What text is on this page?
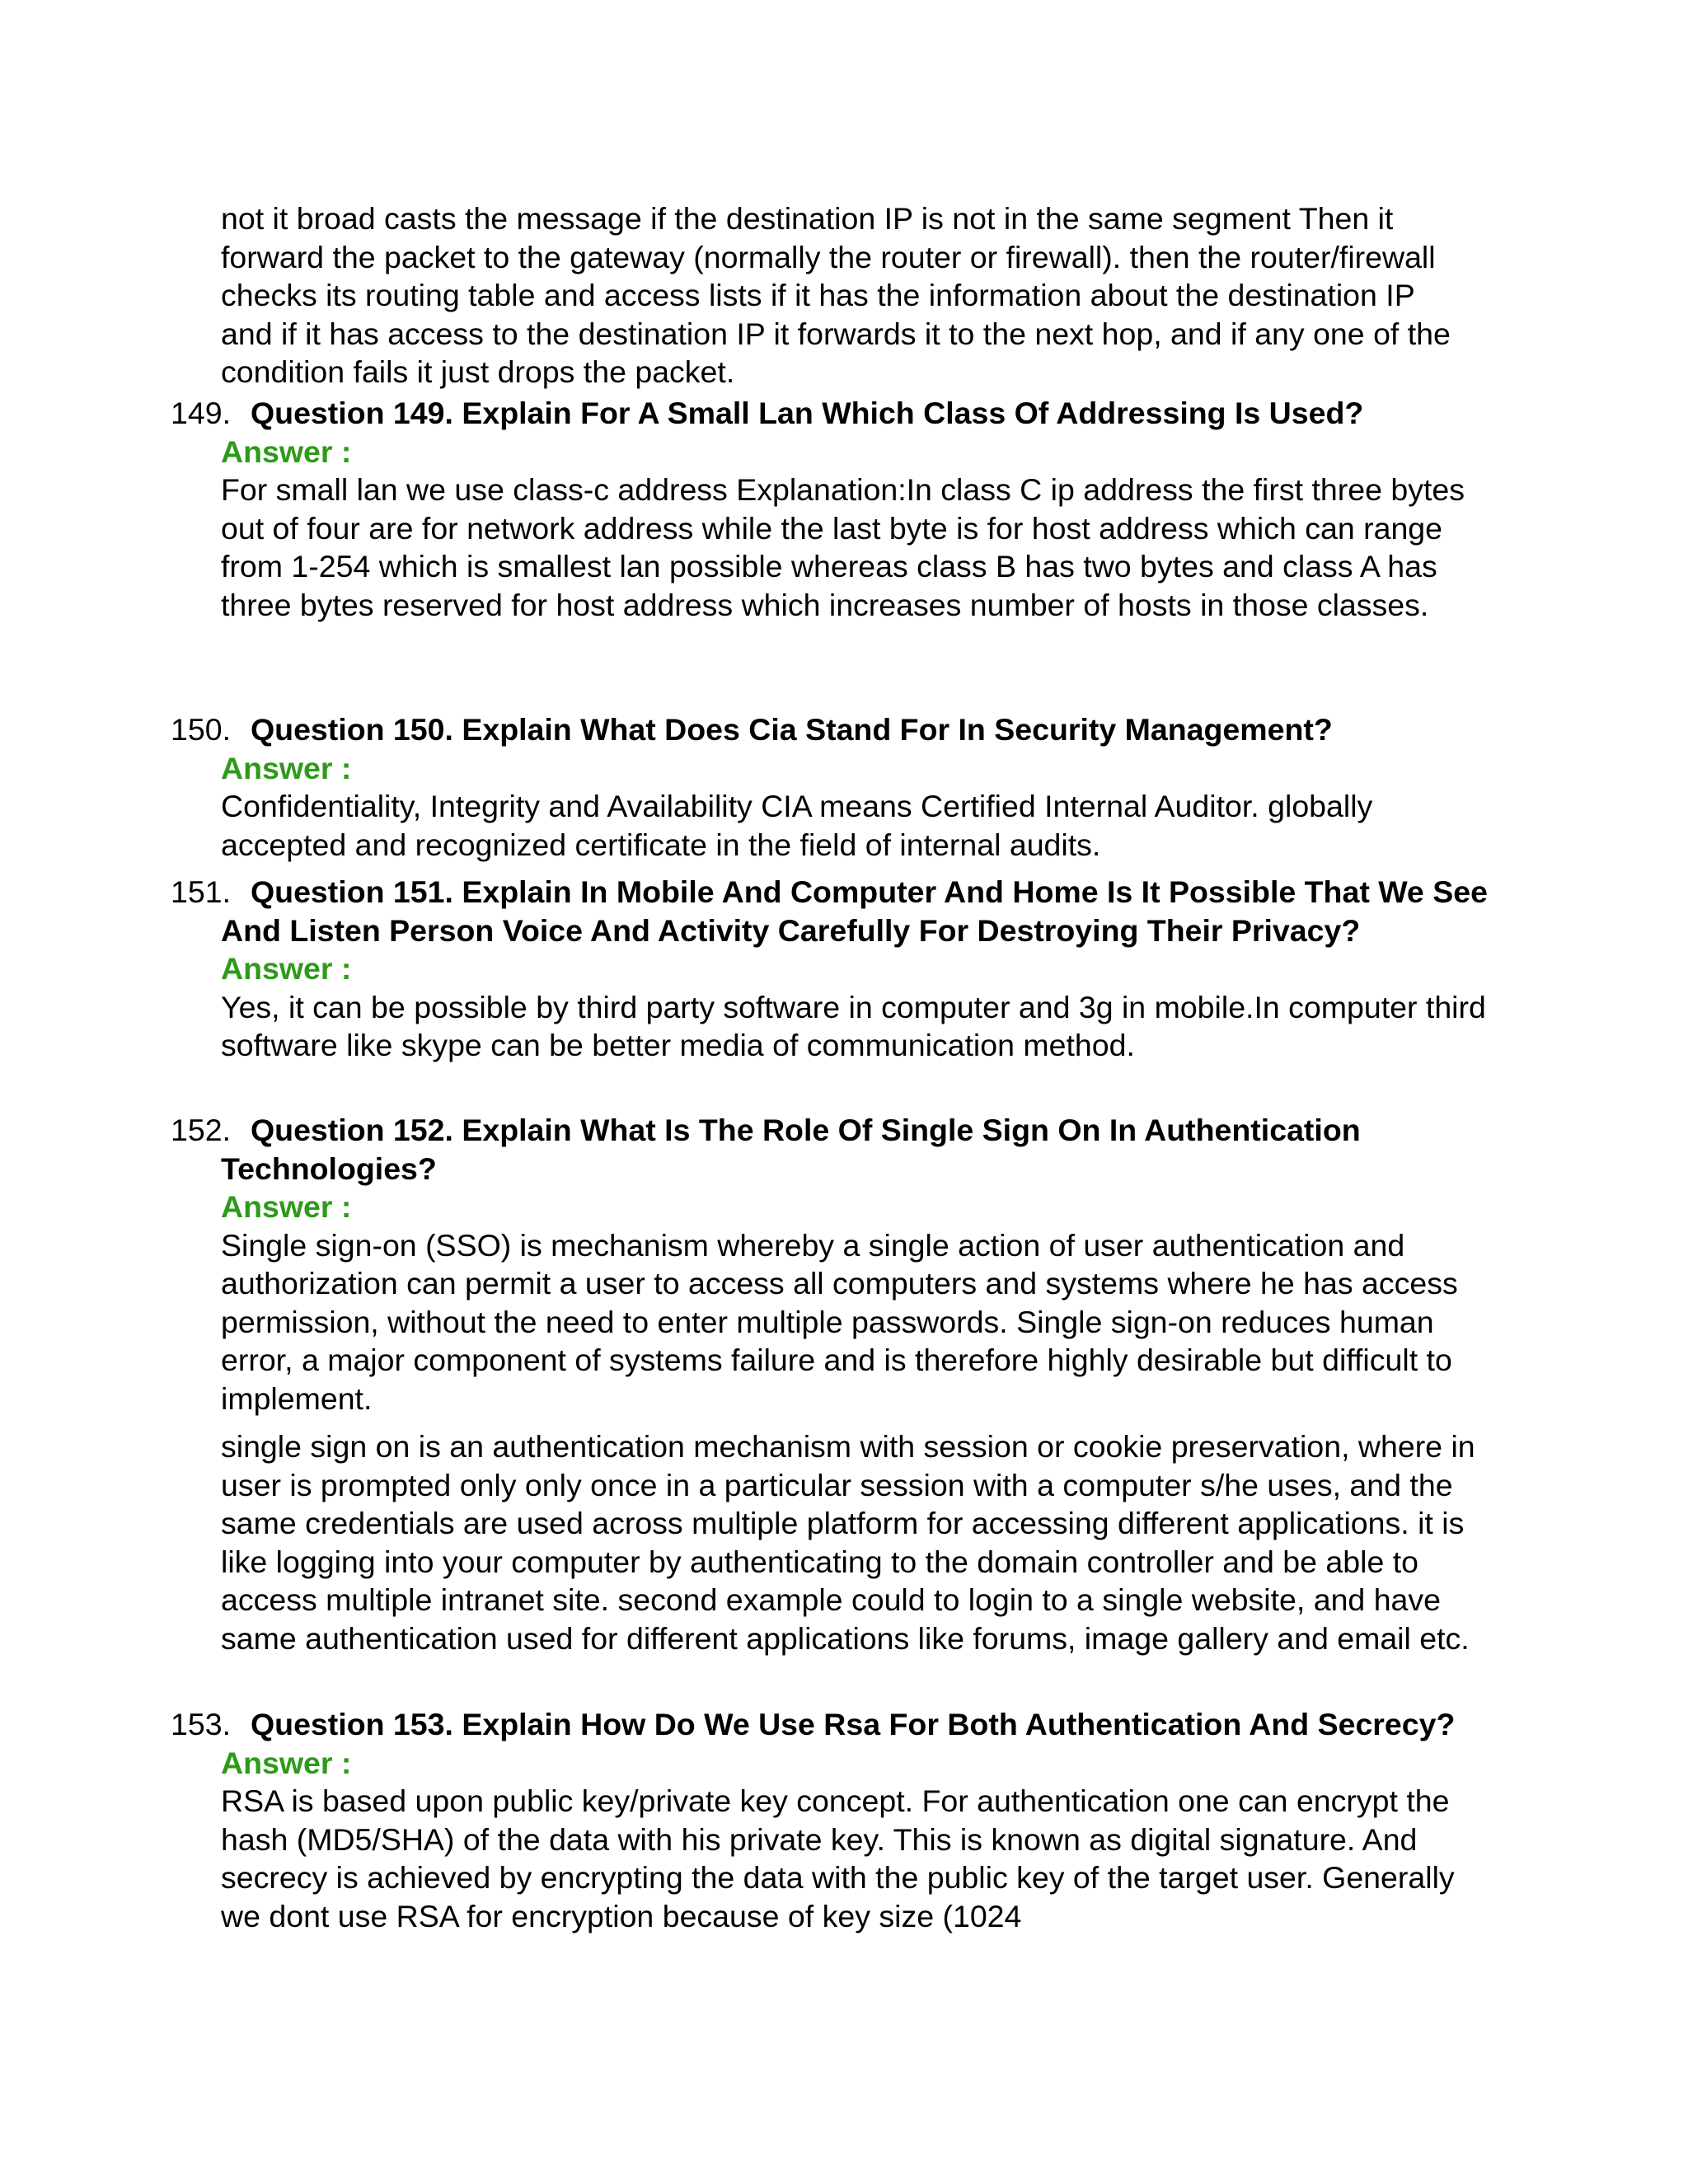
not it broad casts the message if the destination IP is not in the same segment Then it forward the packet to the gateway (normally the router or firewall). then the router/firewall checks its routing table and access lists if it has the information about the destination IP and if it has access to the destination IP it forwards it to the next hop, and if any one of the condition fails it just drops the packet.

149. Question 149. Explain For A Small Lan Which Class Of Addressing Is Used?

Answer :

For small lan we use class-c address Explanation:In class C ip address the first three bytes out of four are for network address while the last byte is for host address which can range from 1-254 which is smallest lan possible whereas class B has two bytes and class A has three bytes reserved for host address which increases number of hosts in those classes.

150. Question 150. Explain What Does Cia Stand For In Security Management?

Answer :

Confidentiality, Integrity and Availability CIA means Certified Internal Auditor. globally accepted and recognized certificate in the field of internal audits.

151. Question 151. Explain In Mobile And Computer And Home Is It Possible That We See And Listen Person Voice And Activity Carefully For Destroying Their Privacy?

Answer :

Yes, it can be possible by third party software in computer and 3g in mobile.In computer third software like skype can be better media of communication method.

152. Question 152. Explain What Is The Role Of Single Sign On In Authentication Technologies?

Answer :

Single sign-on (SSO) is mechanism whereby a single action of user authentication and authorization can permit a user to access all computers and systems where he has access permission, without the need to enter multiple passwords. Single sign-on reduces human error, a major component of systems failure and is therefore highly desirable but difficult to implement.

single sign on is an authentication mechanism with session or cookie preservation, where in user is prompted only only once in a particular session with a computer s/he uses, and the same credentials are used across multiple platform for accessing different applications. it is like logging into your computer by authenticating to the domain controller and be able to access multiple intranet site. second example could to login to a single website, and have same authentication used for different applications like forums, image gallery and email etc.

153. Question 153. Explain How Do We Use Rsa For Both Authentication And Secrecy?

Answer :

RSA is based upon public key/private key concept. For authentication one can encrypt the hash (MD5/SHA) of the data with his private key. This is known as digital signature. And secrecy is achieved by encrypting the data with the public key of the target user. Generally we dont use RSA for encryption because of key size (1024
